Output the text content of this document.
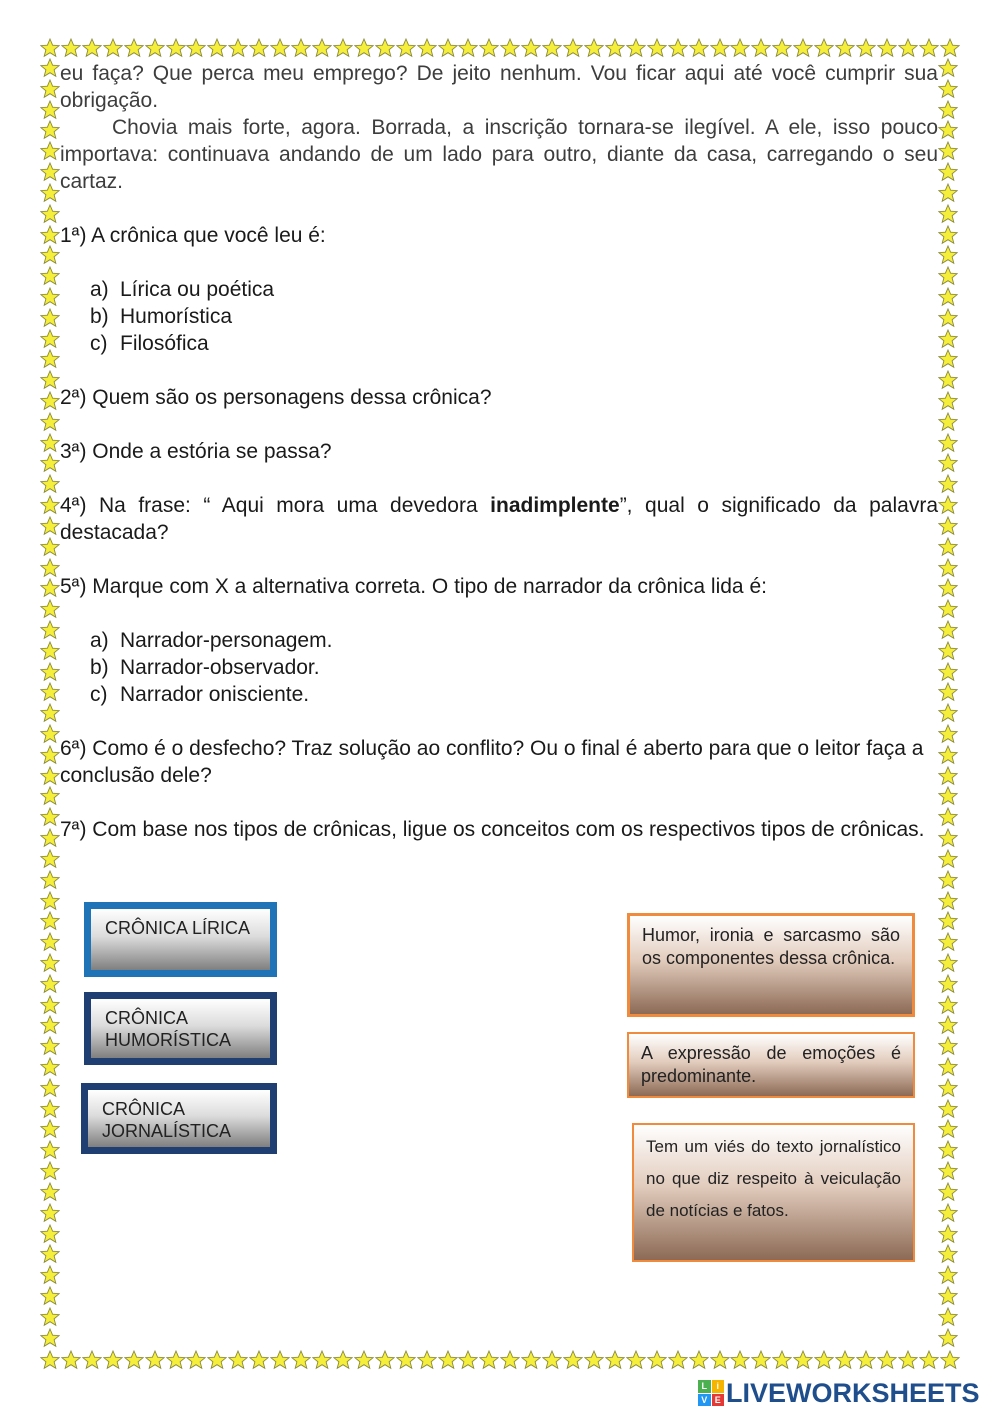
eu faça? Que perca meu emprego? De jeito nenhum. Vou ficar aqui até você cumprir sua obrigação.

Chovia mais forte, agora. Borrada, a inscrição tornara-se ilegível. A ele, isso pouco importava: continuava andando de um lado para outro, diante da casa, carregando o seu cartaz.

1ª) A crônica que você leu é:

a) Lírica ou poética
b) Humorística
c) Filosófica

2ª) Quem são os personagens dessa crônica?

3ª) Onde a estória se passa?

4ª) Na frase: “ Aqui mora uma devedora inadimplente”, qual o significado da palavra destacada?

5ª) Marque com X a alternativa correta. O tipo de narrador da crônica lida é:

a) Narrador-personagem.
b) Narrador-observador.
c) Narrador onisciente.

6ª) Como é o desfecho? Traz solução ao conflito? Ou o final é aberto para que o leitor faça a conclusão dele?

7ª) Com base nos tipos de crônicas, ligue os conceitos com os respectivos tipos de crônicas.

CRÔNICA LÍRICA
CRÔNICA HUMORÍSTICA
CRÔNICA JORNALÍSTICA
Humor, ironia e sarcasmo são os componentes dessa crônica.
A expressão de emoções é predominante.
Tem um viés do texto jornalístico no que diz respeito à veiculação de notícias e fatos.
L	i
V E LIVEWORKSHEETS
